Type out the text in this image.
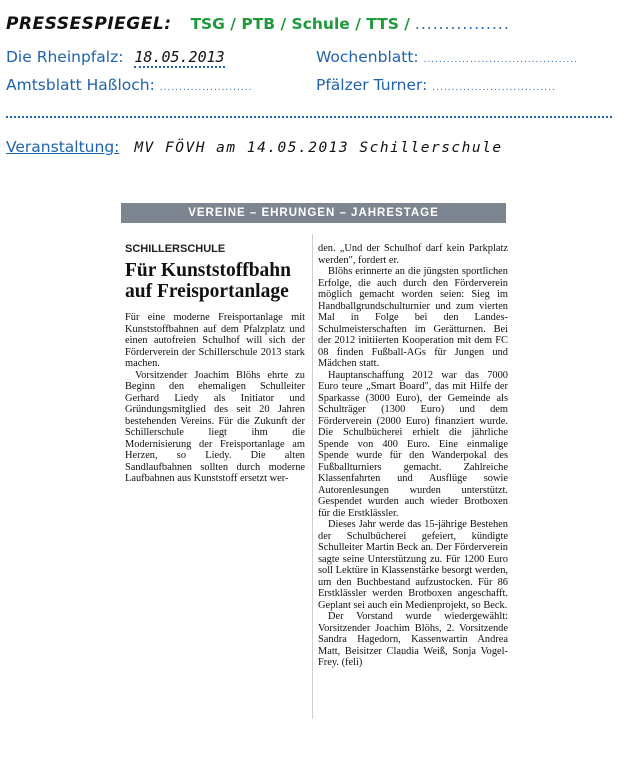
PRESSESPIEGEL: TSG / PTB / Schule / TTS / ................
Die Rheinpfalz: 18.05.2013	Wochenblatt: ........................................
Amtsblatt Haßloch: ........................	Pfälzer Turner: ................................
Veranstaltung: MV FÖVH am 14.05.2013 Schillerschule
VEREINE – EHRUNGEN – JAHRESTAGE
SCHILLERSCHULE
Für Kunststoffbahn auf Freisportanlage

Für eine moderne Freisportanlage mit Kunststoffbahnen auf dem Pfalzplatz und einen autofreien Schulhof will sich der Förderverein der Schillerschule 2013 stark machen.

Vorsitzender Joachim Blöhs ehrte zu Beginn den ehemaligen Schulleiter Gerhard Liedy als Initiator und Gründungsmitglied des seit 20 Jahren bestehenden Vereins. Für die Zukunft der Schillerschule liegt ihm die Modernisierung der Freisportanlage am Herzen, so Liedy. Die alten Sandlaufbahnen sollten durch moderne Laufbahnen aus Kunststoff ersetzt wer-

den. „Und der Schulhof darf kein Parkplatz werden", fordert er.

Blöhs erinnerte an die jüngsten sportlichen Erfolge, die auch durch den Förderverein möglich gemacht worden seien: Sieg im Handballgrundschulturnier und zum vierten Mal in Folge bei den Landes-Schulmeisterschaften im Gerätturnen. Bei der 2012 initiierten Kooperation mit dem FC 08 finden Fußball-AGs für Jungen und Mädchen statt.

Hauptanschaffung 2012 war das 7000 Euro teure „Smart Board", das mit Hilfe der Sparkasse (3000 Euro), der Gemeinde als Schulträger (1300 Euro) und dem Förderverein (2000 Euro) finanziert wurde. Die Schulbücherei erhielt die jährliche Spende von 400 Euro. Eine einmalige Spende wurde für den Wanderpokal des Fußballturniers gemacht. Zahlreiche Klassenfahrten und Ausflüge sowie Autorenlesungen wurden unterstützt. Gespendet wurden auch wieder Brotboxen für die Erstklässler.

Dieses Jahr werde das 15-jährige Bestehen der Schulbücherei gefeiert, kündigte Schulleiter Martin Beck an. Der Förderverein sagte seine Unterstützung zu. Für 1200 Euro soll Lektüre in Klassenstärke besorgt werden, um den Buchbestand aufzustocken. Für 86 Erstklässler werden Brotboxen angeschafft. Geplant sei auch ein Medienprojekt, so Beck.

Der Vorstand wurde wiedergewählt: Vorsitzender Joachim Blöhs, 2. Vorsitzende Sandra Hagedorn, Kassenwartin Andrea Matt, Beisitzer Claudia Weiß, Sonja Vogel-Frey. (feli)
